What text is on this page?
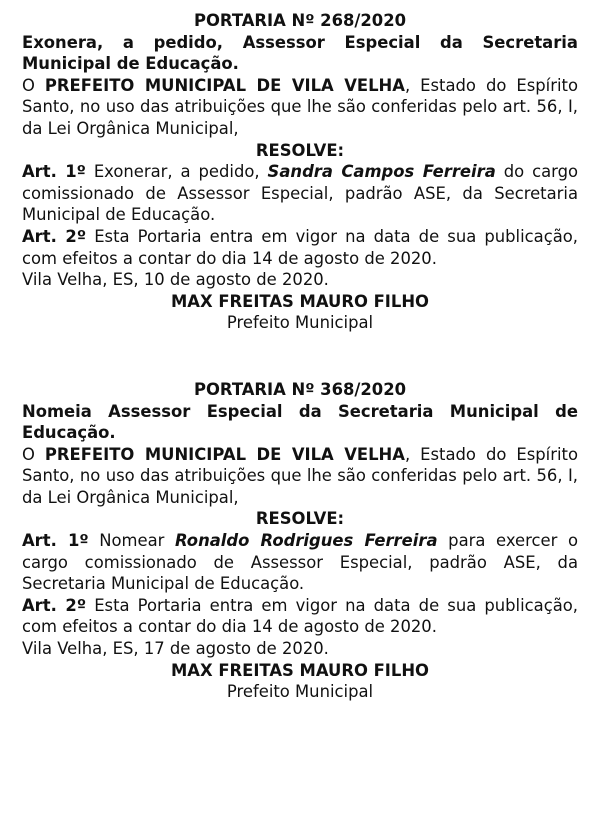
PORTARIA Nº 268/2020

Exonera, a pedido, Assessor Especial da Secretaria Municipal de Educação.

O PREFEITO MUNICIPAL DE VILA VELHA, Estado do Espírito Santo, no uso das atribuições que lhe são conferidas pelo art. 56, I, da Lei Orgânica Municipal,

RESOLVE:

Art. 1º Exonerar, a pedido, Sandra Campos Ferreira do cargo comissionado de Assessor Especial, padrão ASE, da Secretaria Municipal de Educação.

Art. 2º Esta Portaria entra em vigor na data de sua publicação, com efeitos a contar do dia 14 de agosto de 2020.

Vila Velha, ES, 10 de agosto de 2020.

MAX FREITAS MAURO FILHO

Prefeito Municipal

PORTARIA Nº 368/2020

Nomeia Assessor Especial da Secretaria Municipal de Educação.

O PREFEITO MUNICIPAL DE VILA VELHA, Estado do Espírito Santo, no uso das atribuições que lhe são conferidas pelo art. 56, I, da Lei Orgânica Municipal,

RESOLVE:

Art. 1º Nomear Ronaldo Rodrigues Ferreira para exercer o cargo comissionado de Assessor Especial, padrão ASE, da Secretaria Municipal de Educação.

Art. 2º Esta Portaria entra em vigor na data de sua publicação, com efeitos a contar do dia 14 de agosto de 2020.

Vila Velha, ES, 17 de agosto de 2020.

MAX FREITAS MAURO FILHO

Prefeito Municipal
